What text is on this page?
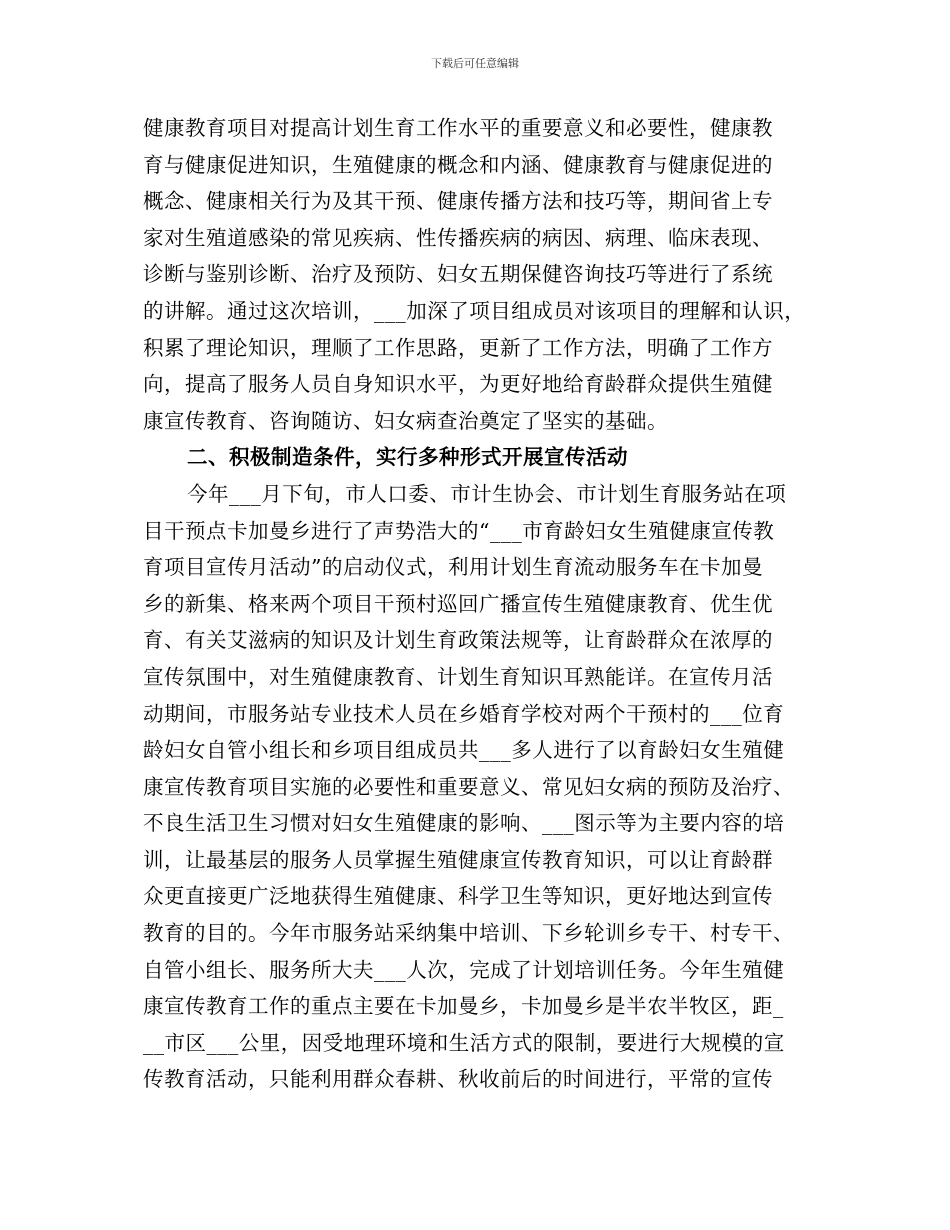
下载后可任意编辑
健康教育项目对提高计划生育工作水平的重要意义和必要性，健康教
育与健康促进知识，生殖健康的概念和内涵、健康教育与健康促进的
概念、健康相关行为及其干预、健康传播方法和技巧等，期间省上专
家对生殖道感染的常见疾病、性传播疾病的病因、病理、临床表现、
诊断与鉴别诊断、治疗及预防、妇女五期保健咨询技巧等进行了系统
的讲解。通过这次培训，___加深了项目组成员对该项目的理解和认识，
积累了理论知识，理顺了工作思路，更新了工作方法，明确了工作方
向，提高了服务人员自身知识水平，为更好地给育龄群众提供生殖健
康宣传教育、咨询随访、妇女病查治奠定了坚实的基础。
二、积极制造条件，实行多种形式开展宣传活动
今年___月下旬，市人口委、市计生协会、市计划生育服务站在项
目干预点卡加曼乡进行了声势浩大的“___市育龄妇女生殖健康宣传教
育项目宣传月活动”的启动仪式，利用计划生育流动服务车在卡加曼
乡的新集、格来两个项目干预村巡回广播宣传生殖健康教育、优生优
育、有关艾滋病的知识及计划生育政策法规等，让育龄群众在浓厚的
宣传氛围中，对生殖健康教育、计划生育知识耳熟能详。在宣传月活
动期间，市服务站专业技术人员在乡婚育学校对两个干预村的___位育
龄妇女自管小组长和乡项目组成员共___多人进行了以育龄妇女生殖健
康宣传教育项目实施的必要性和重要意义、常见妇女病的预防及治疗、
不良生活卫生习惯对妇女生殖健康的影响、___图示等为主要内容的培
训，让最基层的服务人员掌握生殖健康宣传教育知识，可以让育龄群
众更直接更广泛地获得生殖健康、科学卫生等知识，更好地达到宣传
教育的目的。今年市服务站采纳集中培训、下乡轮训乡专干、村专干、
自管小组长、服务所大夫___人次，完成了计划培训任务。今年生殖健
康宣传教育工作的重点主要在卡加曼乡，卡加曼乡是半农半牧区，距_
__市区___公里，因受地理环境和生活方式的限制，要进行大规模的宣
传教育活动，只能利用群众春耕、秋收前后的时间进行，平常的宣传
